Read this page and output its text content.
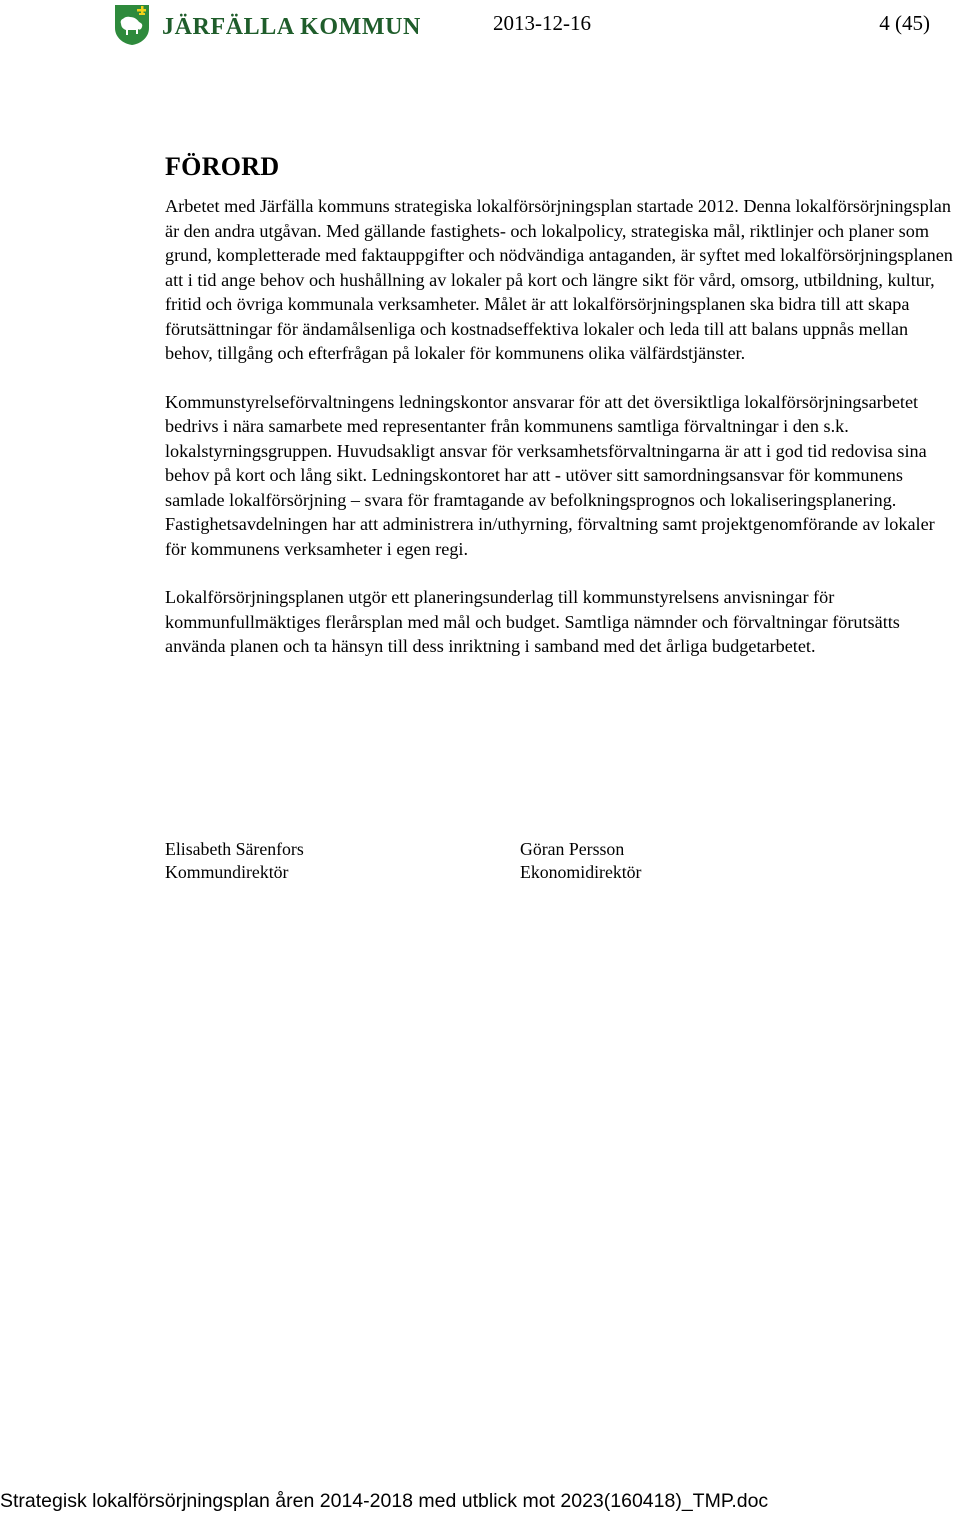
JÄRFÄLLA KOMMUN	2013-12-16	4 (45)
FÖRORD

Arbetet med Järfälla kommuns strategiska lokalförsörjningsplan startade 2012. Denna lokalförsörjningsplan är den andra utgåvan. Med gällande fastighets- och lokalpolicy, strategiska mål, riktlinjer och planer som grund, kompletterade med faktauppgifter och nödvändiga antaganden, är syftet med lokalförsörjningsplanen att i tid ange behov och hushållning av lokaler på kort och längre sikt för vård, omsorg, utbildning, kultur, fritid och övriga kommunala verksamheter. Målet är att lokalförsörjningsplanen ska bidra till att skapa förutsättningar för ändamålsenliga och kostnadseffektiva lokaler och leda till att balans uppnås mellan behov, tillgång och efterfrågan på lokaler för kommunens olika välfärdstjänster.

Kommunstyrelseförvaltningens ledningskontor ansvarar för att det översiktliga lokalförsörjningsarbetet bedrivs i nära samarbete med representanter från kommunens samtliga förvaltningar i den s.k. lokalstyrningsgruppen. Huvudsakligt ansvar för verksamhetsförvaltningarna är att i god tid redovisa sina behov på kort och lång sikt. Ledningskontoret har att - utöver sitt samordningsansvar för kommunens samlade lokalförsörjning – svara för framtagande av befolkningsprognos och lokaliseringsplanering. Fastighetsavdelningen har att administrera in/uthyrning, förvaltning samt projektgenomförande av lokaler för kommunens verksamheter i egen regi.

Lokalförsörjningsplanen utgör ett planeringsunderlag till kommunstyrelsens anvisningar för kommunfullmäktiges flerårsplan med mål och budget. Samtliga nämnder och förvaltningar förutsätts använda planen och ta hänsyn till dess inriktning i samband med det årliga budgetarbetet.

Elisabeth Särenfors
Kommundirektör
Göran Persson
Ekonomidirektör
Strategisk lokalförsörjningsplan åren 2014-2018 med utblick mot 2023(160418)_TMP.doc
